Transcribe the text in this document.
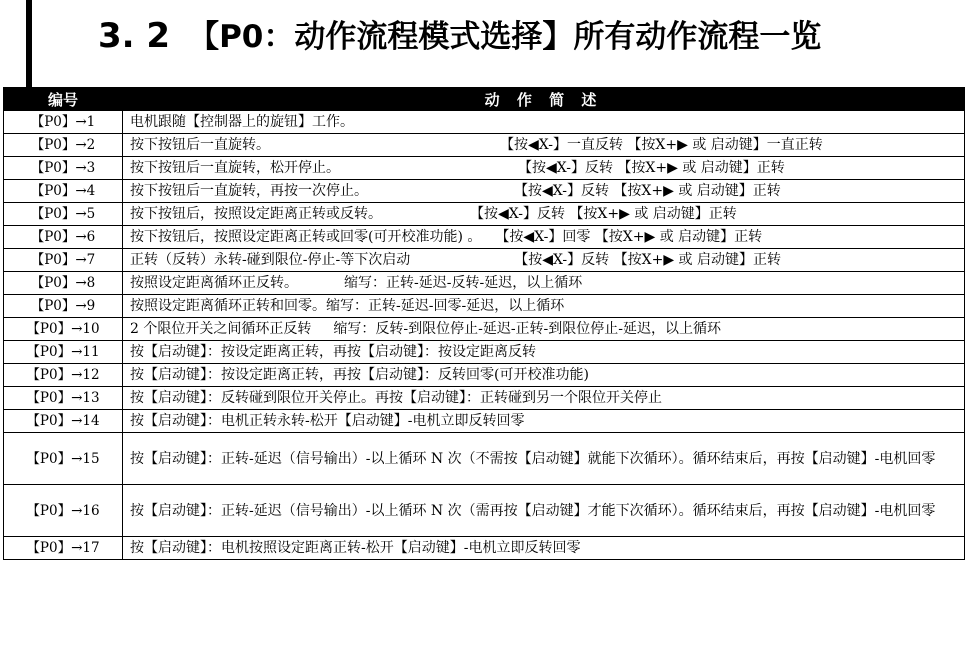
3. 2 【P0：动作流程模式选择】所有动作流程一览
编号	动 作 简 述
【P0】→1	电机跟随【控制器上的旋钮】工作。
【P0】→2	按下按钮后一直旋转。 【按◀X-】一直反转 【按X+▶ 或 启动键】一直正转
【P0】→3	按下按钮后一直旋转，松开停止。 【按◀X-】反转 【按X+▶ 或 启动键】正转
【P0】→4	按下按钮后一直旋转，再按一次停止。 【按◀X-】反转 【按X+▶ 或 启动键】正转
【P0】→5	按下按钮后，按照设定距离正转或反转。 【按◀X-】反转 【按X+▶ 或 启动键】正转
【P0】→6	按下按钮后，按照设定距离正转或回零(可开校准功能) 。 【按◀X-】回零 【按X+▶ 或 启动键】正转
【P0】→7	正转（反转）永转-碰到限位-停止-等下次启动 【按◀X-】反转 【按X+▶ 或 启动键】正转
【P0】→8	按照设定距离循环正反转。 缩写：正转-延迟-反转-延迟，以上循环
【P0】→9	按照设定距离循环正转和回零。缩写：正转-延迟-回零-延迟，以上循环
【P0】→10	2 个限位开关之间循环正反转 缩写：反转-到限位停止-延迟-正转-到限位停止-延迟，以上循环
【P0】→11	按【启动键】：按设定距离正转，再按【启动键】：按设定距离反转
【P0】→12	按【启动键】：按设定距离正转，再按【启动键】：反转回零(可开校准功能)
【P0】→13	按【启动键】：反转碰到限位开关停止。再按【启动键】：正转碰到另一个限位开关停止
【P0】→14	按【启动键】：电机正转永转-松开【启动键】-电机立即反转回零
【P0】→15	按【启动键】：正转-延迟（信号输出）-以上循环 N 次（不需按【启动键】就能下次循环）。循环结束后，再按【启动键】-电机回零
【P0】→16	按【启动键】：正转-延迟（信号输出）-以上循环 N 次（需再按【启动键】才能下次循环）。循环结束后，再按【启动键】-电机回零
【P0】→17	按【启动键】：电机按照设定距离正转-松开【启动键】-电机立即反转回零
